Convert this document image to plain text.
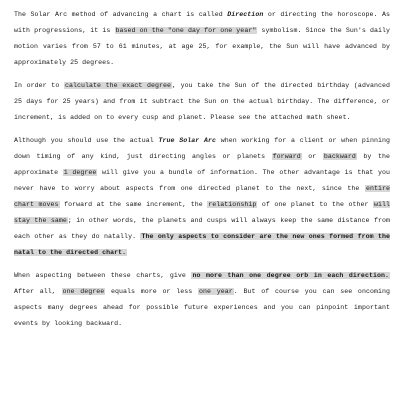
The Solar Arc method of advancing a chart is called Direction or directing the horoscope. As with progressions, it is based on the "one day for one year" symbolism. Since the Sun's daily motion varies from 57 to 61 minutes, at age 25, for example, the Sun will have advanced by approximately 25 degrees.

In order to calculate the exact degree, you take the Sun of the directed birthday (advanced 25 days for 25 years) and from it subtract the Sun on the actual birthday. The difference, or increment, is added on to every cusp and planet. Please see the attached math sheet.

Although you should use the actual True Solar Arc when working for a client or when pinning down timing of any kind, just directing angles or planets forward or backward by the approximate 1 degree will give you a bundle of information. The other advantage is that you never have to worry about aspects from one directed planet to the next, since the entire chart moves forward at the same increment, the relationship of one planet to the other will stay the same; in other words, the planets and cusps will always keep the same distance from each other as they do natally. The only aspects to consider are the new ones formed from the natal to the directed chart.

When aspecting between these charts, give no more than one degree orb in each direction. After all, one degree equals more or less one year. But of course you can see oncoming aspects many degrees ahead for possible future experiences and you can pinpoint important events by looking backward.
